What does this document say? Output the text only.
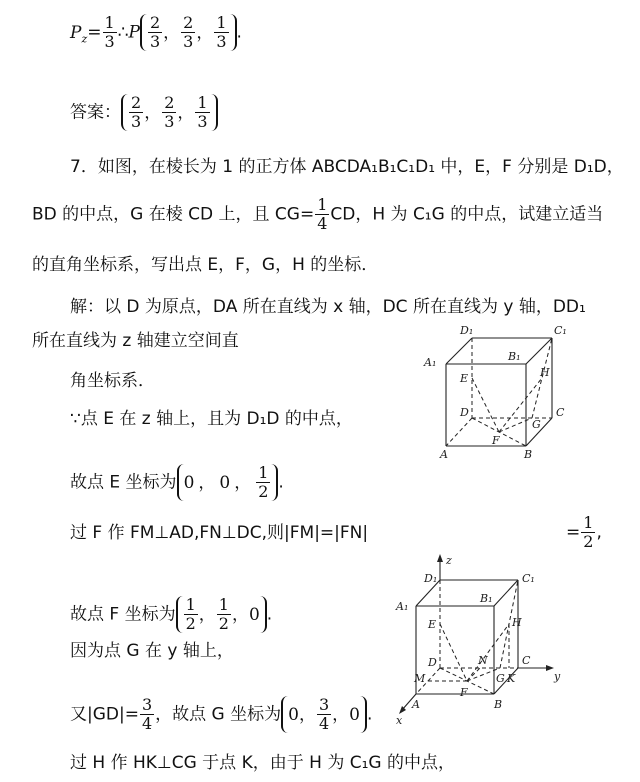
$P_z= \frac{1}{3}$ ∴P $\frac{2}{3}$ ， $\frac{2}{3}$ ， $\frac{1}{3}$ .
答案： $\frac{2}{3}$ ， $\frac{2}{3}$ ， $\frac{1}{3}$
7．如图，在棱长为 1 的正方体 ABCDA₁B₁C₁D₁ 中，E，F 分别是 D₁D，
BD 的中点，G 在棱 CD 上，且 $CG= \frac{1}{4}$ CD，H 为 C₁G 的中点，试建立适当
的直角坐标系，写出点 E，F，G，H 的坐标．
解：以 D 为原点，DA 所在直线为 x 轴，DC 所在直线为 y 轴，DD₁
所在直线为 z 轴建立空间直
角坐标系．
∵点 E 在 z 轴上，且为 D₁D 的中点，
故点 E 坐标为 0 ， 0 ， $\frac{1}{2}$ .
过 F 作 FM⊥AD,FN⊥DC,则|FM|=|FN|	= $\frac{1}{2}$ ,
故点 F 坐标为 $\frac{1}{2}$ ， $\frac{1}{2}$ ， 0 .
因为点 G 在 y 轴上，
又$|GD|= \frac{3}{4}$ ，故点 G 坐标为 0 ， $\frac{3}{4}$ ， 0 .
过 H 作 HK⊥CG 于点 K，由于 H 为 C₁G 的中点，
D₁	C₁
A₁	B₁
E	H
D	C
G
F
A	B
z
D₁	C₁
A₁
B₁
E	H
D	N	C
M
F
G K	y
A	B
x
